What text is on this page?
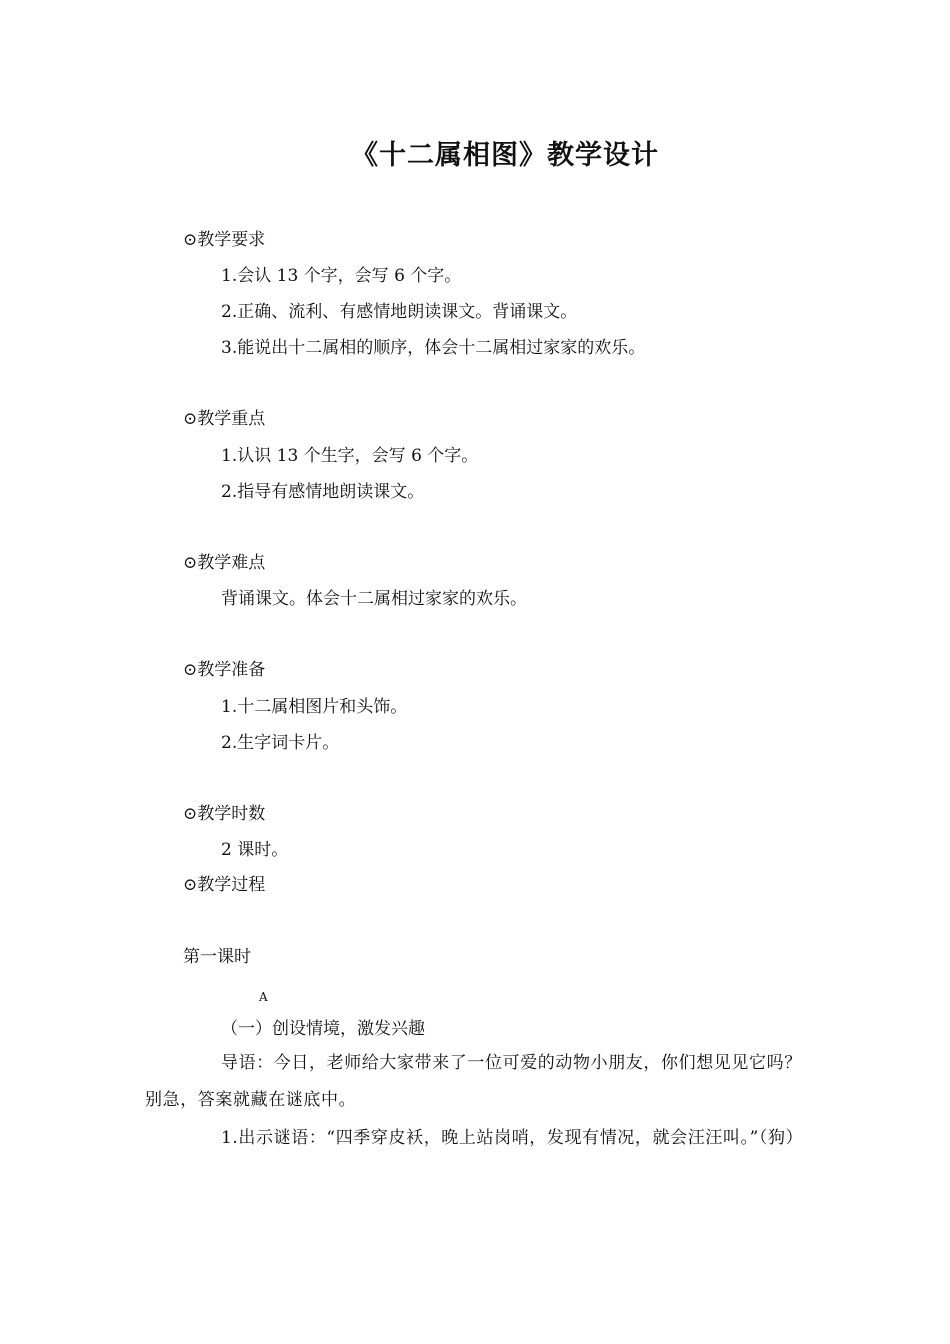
《十二属相图》教学设计
⊙教学要求
1.会认 13 个字，会写 6 个字。
2.正确、流利、有感情地朗读课文。背诵课文。
3.能说出十二属相的顺序，体会十二属相过家家的欢乐。
⊙教学重点
1.认识 13 个生字，会写 6 个字。
2.指导有感情地朗读课文。
⊙教学难点
背诵课文。体会十二属相过家家的欢乐。
⊙教学准备
1.十二属相图片和头饰。
2.生字词卡片。
⊙教学时数
2 课时。
⊙教学过程
第一课时
A
（一）创设情境，激发兴趣
导语：今日，老师给大家带来了一位可爱的动物小朋友，你们想见见它吗？别急，答案就藏在谜底中。
1.出示谜语：“四季穿皮袄，晚上站岗哨，发现有情况，就会汪汪叫。”（狗）
